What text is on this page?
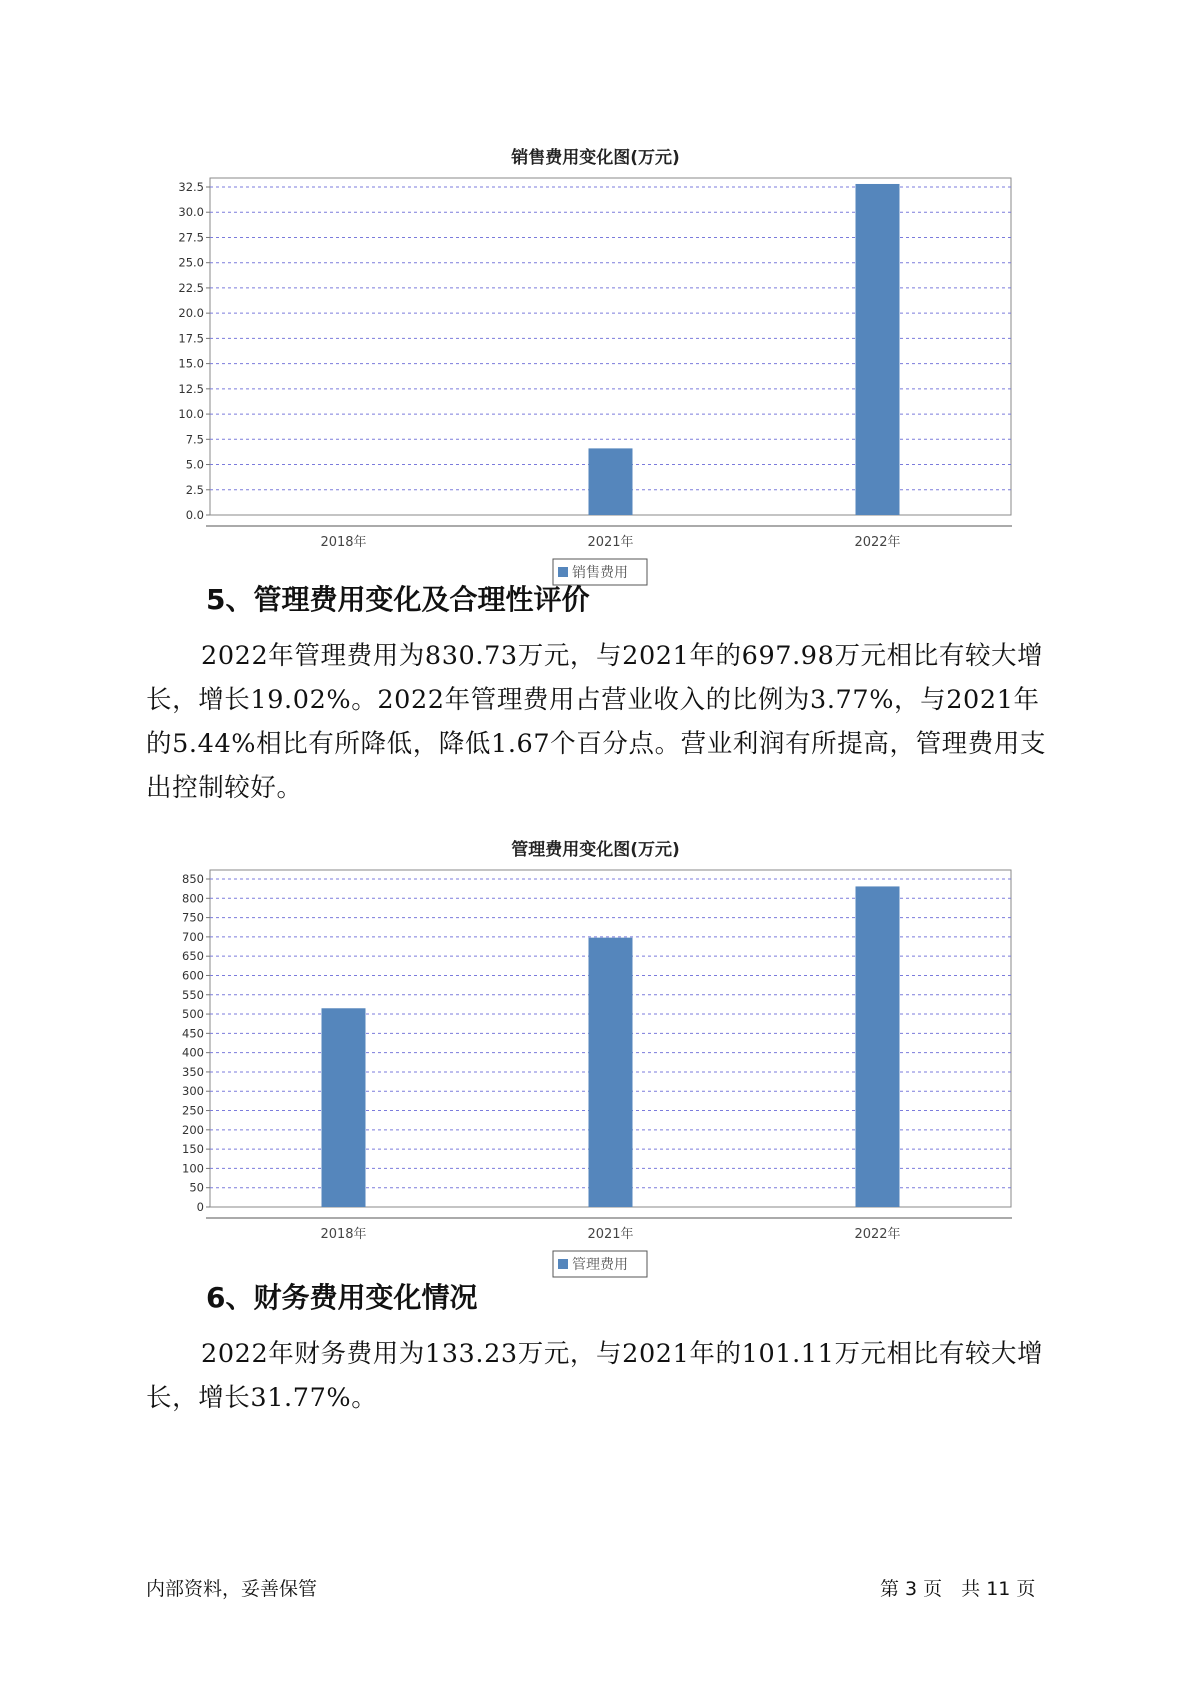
销售费用变化图(万元)
0.0
2.5
5.0
7.5
10.0
12.5
15.0
17.5
20.0
22.5
25.0
27.5
30.0
32.5
2018年	2021年	2022年
销售费用
5、管理费用变化及合理性评价
2022年管理费用为830.73万元，与2021年的697.98万元相比有较大增长，增长19.02%。2022年管理费用占营业收入的比例为3.77%，与2021年的5.44%相比有所降低，降低1.67个百分点。营业利润有所提高，管理费用支出控制较好。
管理费用变化图(万元)
0
50
100
150
200
250
300
350
400
450
500
550
600
650
700
750
800
850
2018年	2021年	2022年
管理费用
6、财务费用变化情况
2022年财务费用为133.23万元，与2021年的101.11万元相比有较大增长，增长31.77%。
内部资料，妥善保管	第 3 页　共 11 页
